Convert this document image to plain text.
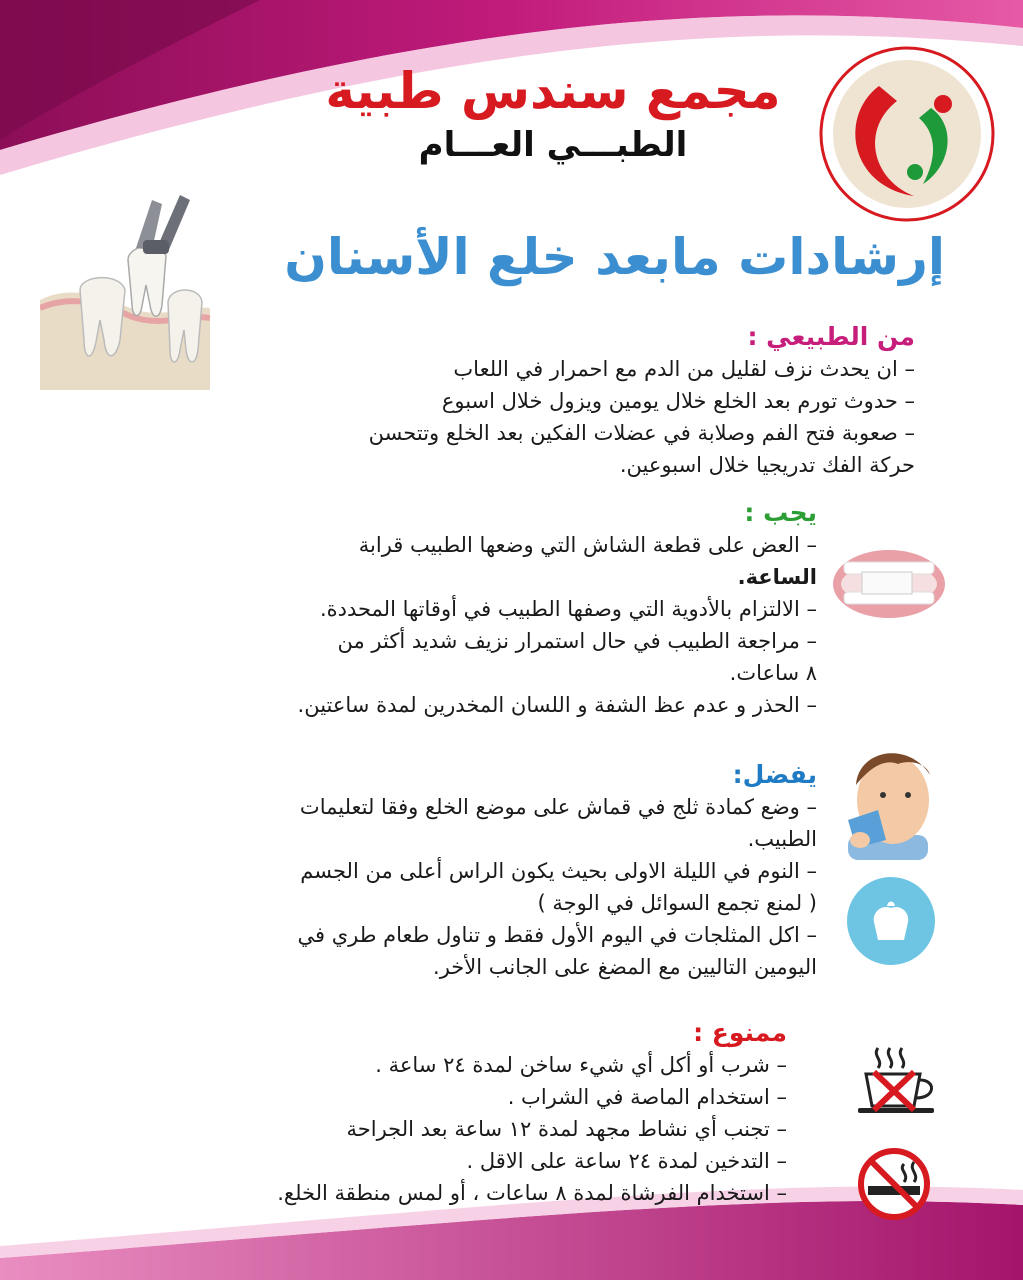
مجمع سندس طبية
الطبـــي العـــام
إرشادات مابعد خلع الأسنان
من الطبيعي :
– ان يحدث نزف لقليل من الدم مع احمرار في اللعاب
– حدوث تورم بعد الخلع خلال يومين ويزول خلال اسبوع
– صعوبة فتح الفم وصلابة في عضلات الفكين بعد الخلع وتتحسن
حركة الفك تدريجيا خلال اسبوعين.
يجب :
– العض على قطعة الشاش التي وضعها الطبيب قرابة
الساعة.
– الالتزام بالأدوية التي وصفها الطبيب في أوقاتها المحددة.
– مراجعة الطبيب في حال استمرار نزيف شديد أكثر من
٨ ساعات.
– الحذر و عدم عظ الشفة و اللسان المخدرين لمدة ساعتين.
يفضل:
– وضع كمادة ثلج في قماش على موضع الخلع وفقا لتعليمات
الطبيب.
– النوم في الليلة الاولى بحيث يكون الراس أعلى من الجسم
( لمنع تجمع السوائل في الوجة )
– اكل المثلجات في اليوم الأول فقط و تناول طعام طري في
اليومين التاليين مع المضغ على الجانب الأخر.
ممنوع :
– شرب أو أكل أي شيء ساخن لمدة ٢٤ ساعة .
– استخدام الماصة في الشراب .
– تجنب أي نشاط مجهد لمدة ١٢ ساعة بعد الجراحة
– التدخين لمدة ٢٤ ساعة على الاقل .
– استخدام الفرشاة لمدة ٨ ساعات ، أو لمس منطقة الخلع.
